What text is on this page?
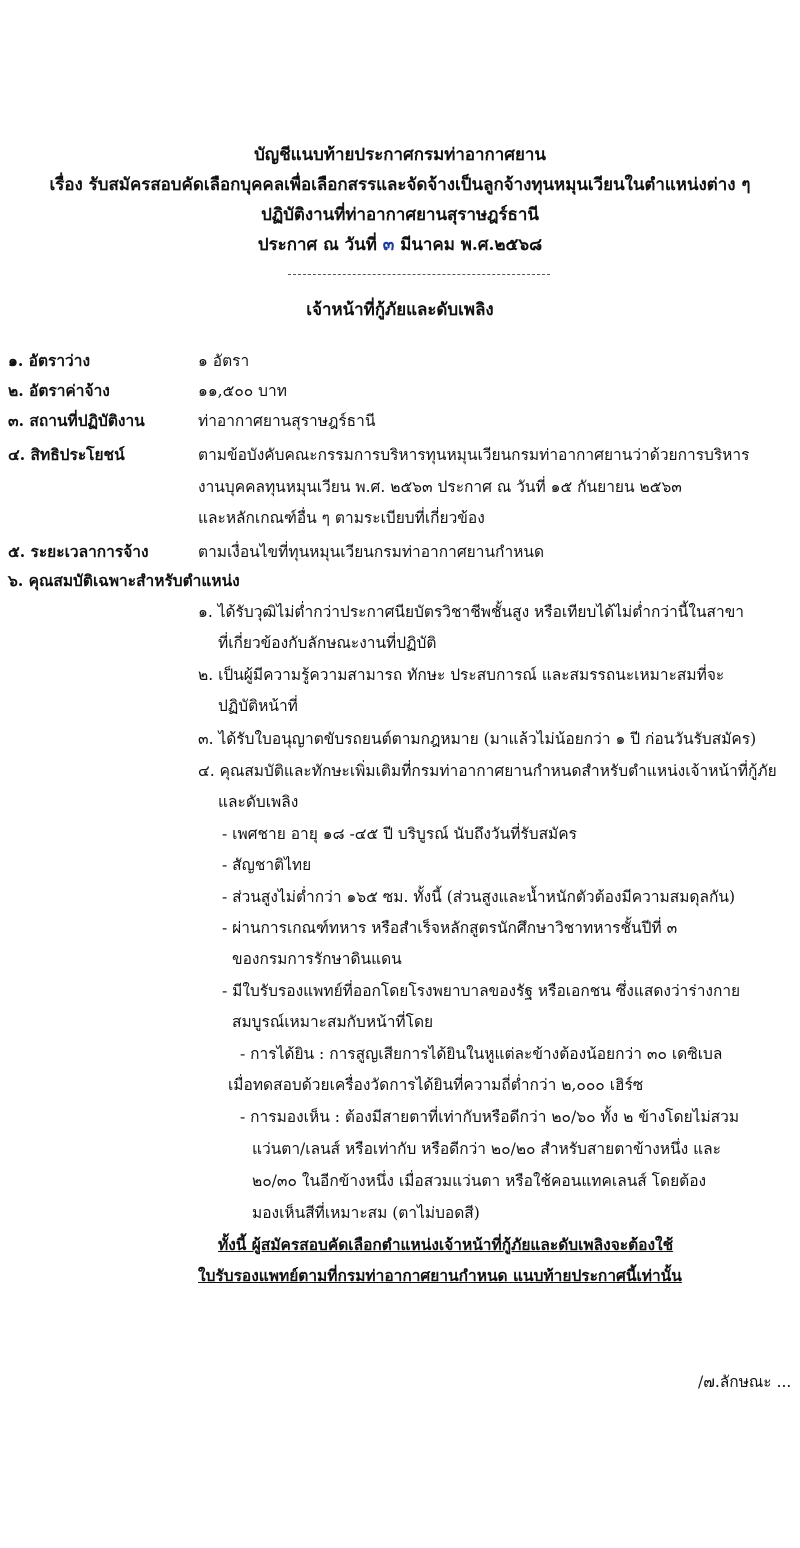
บัญชีแนบท้ายประกาศกรมท่าอากาศยาน
เรื่อง รับสมัครสอบคัดเลือกบุคคลเพื่อเลือกสรรและจัดจ้างเป็นลูกจ้างทุนหมุนเวียนในตำแหน่งต่าง ๆ
ปฏิบัติงานที่ท่าอากาศยานสุราษฎร์ธานี
ประกาศ ณ วันที่ ๓ มีนาคม พ.ศ.๒๕๖๘
เจ้าหน้าที่กู้ภัยและดับเพลิง
๑. อัตราว่าง	๑ อัตรา
๒. อัตราค่าจ้าง	๑๑,๕๐๐ บาท
๓. สถานที่ปฏิบัติงาน	ท่าอากาศยานสุราษฎร์ธานี
๔. สิทธิประโยชน์	ตามข้อบังคับคณะกรรมการบริหารทุนหมุนเวียนกรมท่าอากาศยานว่าด้วยการบริหาร
งานบุคคลทุนหมุนเวียน พ.ศ. ๒๕๖๓ ประกาศ ณ วันที่ ๑๕ กันยายน ๒๕๖๓
และหลักเกณฑ์อื่น ๆ ตามระเบียบที่เกี่ยวข้อง
๕. ระยะเวลาการจ้าง	ตามเงื่อนไขที่ทุนหมุนเวียนกรมท่าอากาศยานกำหนด
๖. คุณสมบัติเฉพาะสำหรับตำแหน่ง
๑. ได้รับวุฒิไม่ต่ำกว่าประกาศนียบัตรวิชาชีพชั้นสูง หรือเทียบได้ไม่ต่ำกว่านี้ในสาขา
ที่เกี่ยวข้องกับลักษณะงานที่ปฏิบัติ
๒. เป็นผู้มีความรู้ความสามารถ ทักษะ ประสบการณ์ และสมรรถนะเหมาะสมที่จะ
ปฏิบัติหน้าที่
๓. ได้รับใบอนุญาตขับรถยนต์ตามกฎหมาย (มาแล้วไม่น้อยกว่า ๑ ปี ก่อนวันรับสมัคร)
๔. คุณสมบัติและทักษะเพิ่มเติมที่กรมท่าอากาศยานกำหนดสำหรับตำแหน่งเจ้าหน้าที่กู้ภัย
และดับเพลิง
- เพศชาย อายุ ๑๘ -๔๕ ปี บริบูรณ์ นับถึงวันที่รับสมัคร
- สัญชาติไทย
- ส่วนสูงไม่ต่ำกว่า ๑๖๕ ซม. ทั้งนี้ (ส่วนสูงและน้ำหนักตัวต้องมีความสมดุลกัน)
- ผ่านการเกณฑ์ทหาร หรือสำเร็จหลักสูตรนักศึกษาวิชาทหารชั้นปีที่ ๓
ของกรมการรักษาดินแดน
- มีใบรับรองแพทย์ที่ออกโดยโรงพยาบาลของรัฐ หรือเอกชน ซึ่งแสดงว่าร่างกาย
สมบูรณ์เหมาะสมกับหน้าที่โดย
- การได้ยิน : การสูญเสียการได้ยินในหูแต่ละข้างต้องน้อยกว่า ๓๐ เดซิเบล
เมื่อทดสอบด้วยเครื่องวัดการได้ยินที่ความถี่ต่ำกว่า ๒,๐๐๐ เฮิร์ซ
- การมองเห็น : ต้องมีสายตาที่เท่ากับหรือดีกว่า ๒๐/๖๐ ทั้ง ๒ ข้างโดยไม่สวม
แว่นตา/เลนส์ หรือเท่ากับ หรือดีกว่า ๒๐/๒๐ สำหรับสายตาข้างหนึ่ง และ
๒๐/๓๐ ในอีกข้างหนึ่ง เมื่อสวมแว่นตา หรือใช้คอนแทคเลนส์ โดยต้อง
มองเห็นสีที่เหมาะสม (ตาไม่บอดสี)
ทั้งนี้ ผู้สมัครสอบคัดเลือกตำแหน่งเจ้าหน้าที่กู้ภัยและดับเพลิงจะต้องใช้
ใบรับรองแพทย์ตามที่กรมท่าอากาศยานกำหนด แนบท้ายประกาศนี้เท่านั้น
/๗.ลักษณะ ...
